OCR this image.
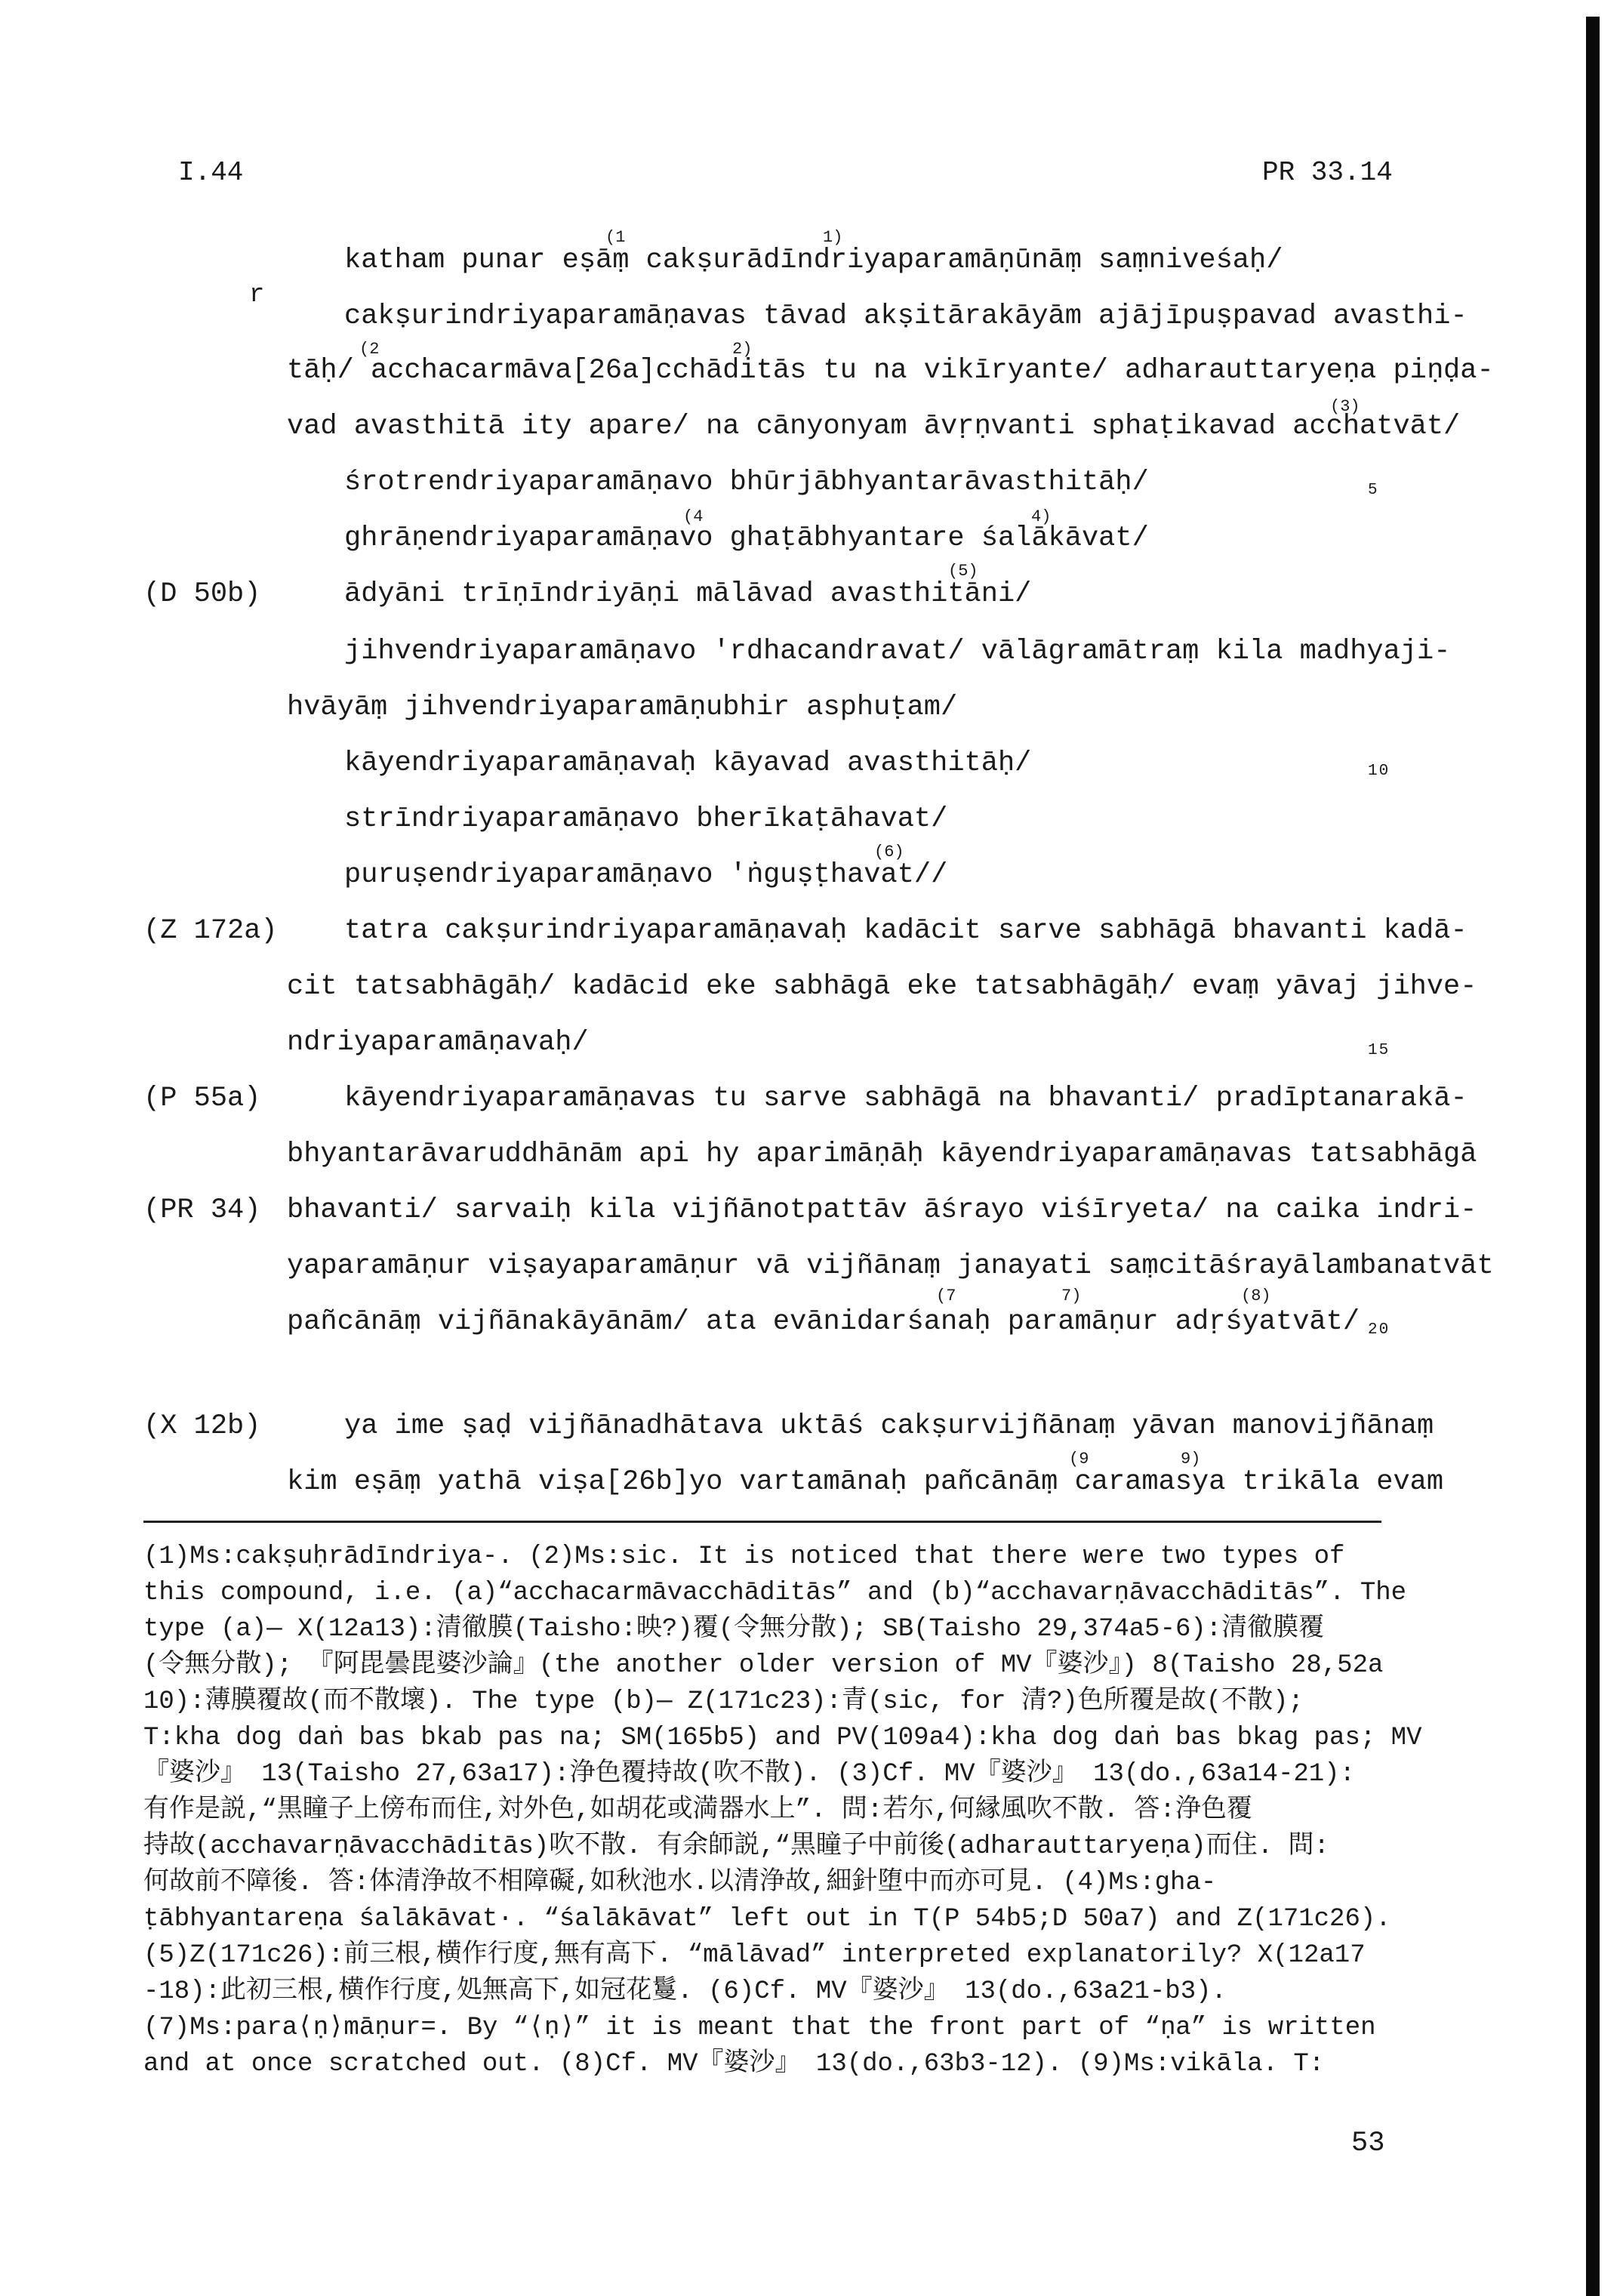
I.44	PR 33.14
r
(1	1)
(2	2)
(3)
(4	4)
(5)
(6)
(7	7)	(8)
(9	9)
katham punar eṣāṃ cakṣurādīndriyaparamāṇūnāṃ saṃniveśaḥ/
cakṣurindriyaparamāṇavas tāvad akṣitārakāyām ajājīpuṣpavad avasthi-
tāḥ/ acchacarmāva[26a]cchāditās tu na vikīryante/ adharauttaryeṇa piṇḍa-
vad avasthitā ity apare/ na cānyonyam āvṛṇvanti sphaṭikavad acchatvāt/
śrotrendriyaparamāṇavo bhūrjābhyantarāvasthitāḥ/
ghrāṇendriyaparamāṇavo ghaṭābhyantare śalākāvat/
ādyāni trīṇīndriyāṇi mālāvad avasthitāni/
jihvendriyaparamāṇavo 'rdhacandravat/ vālāgramātraṃ kila madhyaji-
hvāyāṃ jihvendriyaparamāṇubhir asphuṭam/
kāyendriyaparamāṇavaḥ kāyavad avasthitāḥ/
strīndriyaparamāṇavo bherīkaṭāhavat/
puruṣendriyaparamāṇavo 'ṅguṣṭhavat//
tatra cakṣurindriyaparamāṇavaḥ kadācit sarve sabhāgā bhavanti kadā-
cit tatsabhāgāḥ/ kadācid eke sabhāgā eke tatsabhāgāḥ/ evaṃ yāvaj jihve-
ndriyaparamāṇavaḥ/
kāyendriyaparamāṇavas tu sarve sabhāgā na bhavanti/ pradīptanarakā-
bhyantarāvaruddhānām api hy aparimāṇāḥ kāyendriyaparamāṇavas tatsabhāgā
bhavanti/ sarvaiḥ kila vijñānotpattāv āśrayo viśīryeta/ na caika indri-
yaparamāṇur viṣayaparamāṇur vā vijñānaṃ janayati saṃcitāśrayālambanatvāt
pañcānāṃ vijñānakāyānām/ ata evānidarśanaḥ paramāṇur adṛśyatvāt/
ya ime ṣaḍ vijñānadhātava uktāś cakṣurvijñānaṃ yāvan manovijñānaṃ
kim eṣāṃ yathā viṣa[26b]yo vartamānaḥ pañcānāṃ caramasya trikāla evam
(D 50b)
(Z 172a)
(P 55a)
(PR 34)
(X 12b)
5
10
15
20
(1)Ms:cakṣuḥrādīndriya-. (2)Ms:sic. It is noticed that there were two types of
this compound, i.e. (a)“acchacarmāvacchāditās” and (b)“acchavarṇāvacchāditās”. The
type (a)— X(12a13):清徹膜(Taisho:映?)覆(令無分散); SB(Taisho 29,374a5-6):清徹膜覆
(令無分散); 『阿毘曇毘婆沙論』(the another older version of MV『婆沙』) 8(Taisho 28,52a
10):薄膜覆故(而不散壞). The type (b)— Z(171c23):青(sic, for 清?)色所覆是故(不散);
T:kha dog daṅ bas bkab pas na; SM(165b5) and PV(109a4):kha dog daṅ bas bkag pas; MV
『婆沙』 13(Taisho 27,63a17):浄色覆持故(吹不散). (3)Cf. MV『婆沙』 13(do.,63a14-21):
有作是説,“黒瞳子上傍布而住,対外色,如胡花或満器水上”. 問:若尓,何縁風吹不散. 答:浄色覆
持故(acchavarṇāvacchāditās)吹不散. 有余師説,“黒瞳子中前後(adharauttaryeṇa)而住. 問:
何故前不障後. 答:体清浄故不相障礙,如秋池水.以清浄故,細針堕中而亦可見. (4)Ms:gha-
ṭābhyantareṇa śalākāvat·. “śalākāvat” left out in T(P 54b5;D 50a7) and Z(171c26).
(5)Z(171c26):前三根,横作行度,無有高下. “mālāvad” interpreted explanatorily? X(12a17
-18):此初三根,横作行度,処無高下,如冠花鬘. (6)Cf. MV『婆沙』 13(do.,63a21-b3).
(7)Ms:para⟨ṇ⟩māṇur=. By “⟨ṇ⟩” it is meant that the front part of “ṇa” is written
and at once scratched out. (8)Cf. MV『婆沙』 13(do.,63b3-12). (9)Ms:vikāla. T:
53
